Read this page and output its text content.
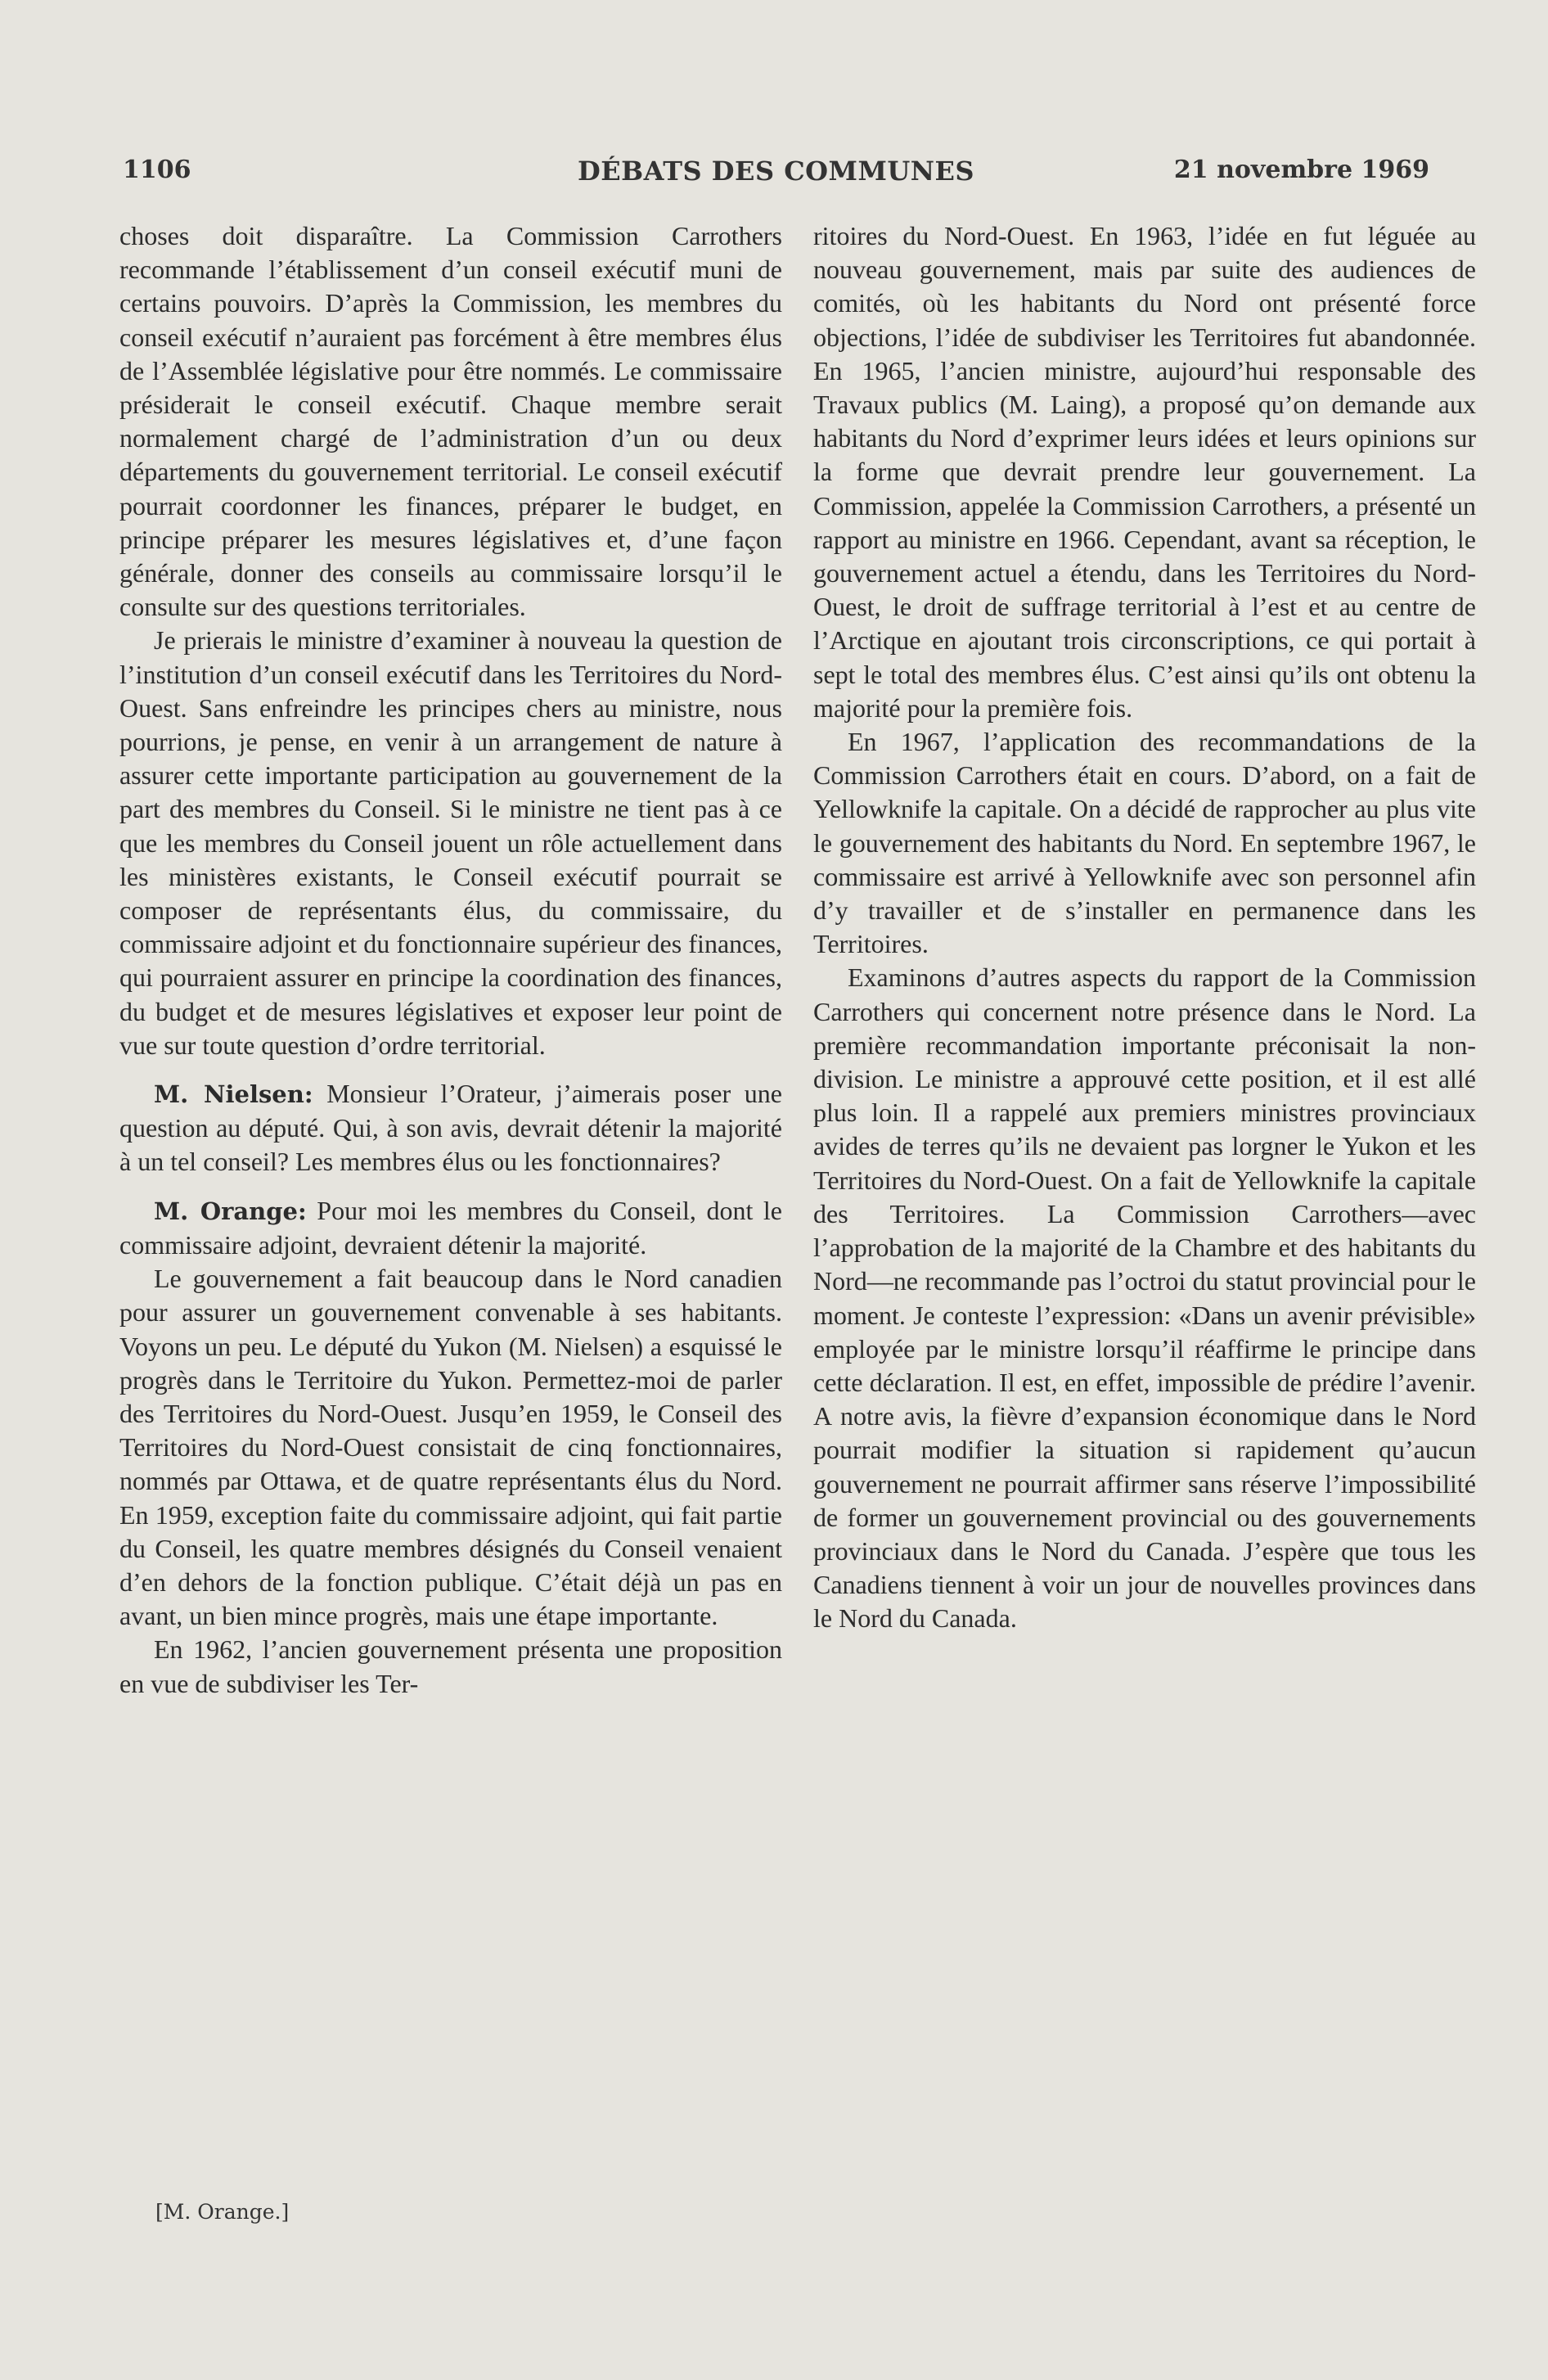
1106	DÉBATS DES COMMUNES	21 novembre 1969

choses doit disparaître. La Commission Carrothers recommande l’établissement d’un conseil exécutif muni de certains pouvoirs. D’après la Commission, les membres du conseil exécutif n’auraient pas forcément à être membres élus de l’Assemblée législative pour être nommés. Le commissaire présiderait le conseil exécutif. Chaque membre serait normalement chargé de l’administration d’un ou deux départements du gouvernement territorial. Le conseil exécutif pourrait coordonner les finances, préparer le budget, en principe préparer les mesures législatives et, d’une façon générale, donner des conseils au commissaire lorsqu’il le consulte sur des questions territoriales.

Je prierais le ministre d’examiner à nouveau la question de l’institution d’un conseil exécutif dans les Territoires du Nord-Ouest. Sans enfreindre les principes chers au ministre, nous pourrions, je pense, en venir à un arrangement de nature à assurer cette importante participation au gouvernement de la part des membres du Conseil. Si le ministre ne tient pas à ce que les membres du Conseil jouent un rôle actuellement dans les ministères existants, le Conseil exécutif pourrait se composer de représentants élus, du commissaire, du commissaire adjoint et du fonctionnaire supérieur des finances, qui pourraient assurer en principe la coordination des finances, du budget et de mesures législatives et exposer leur point de vue sur toute question d’ordre territorial.

M. Nielsen: Monsieur l’Orateur, j’aimerais poser une question au député. Qui, à son avis, devrait détenir la majorité à un tel conseil? Les membres élus ou les fonctionnaires?

M. Orange: Pour moi les membres du Conseil, dont le commissaire adjoint, devraient détenir la majorité.

Le gouvernement a fait beaucoup dans le Nord canadien pour assurer un gouvernement convenable à ses habitants. Voyons un peu. Le député du Yukon (M. Nielsen) a esquissé le progrès dans le Territoire du Yukon. Permettez-moi de parler des Territoires du Nord-Ouest. Jusqu’en 1959, le Conseil des Territoires du Nord-Ouest consistait de cinq fonctionnaires, nommés par Ottawa, et de quatre représentants élus du Nord. En 1959, exception faite du commissaire adjoint, qui fait partie du Conseil, les quatre membres désignés du Conseil venaient d’en dehors de la fonction publique. C’était déjà un pas en avant, un bien mince progrès, mais une étape importante.

En 1962, l’ancien gouvernement présenta une proposition en vue de subdiviser les Ter-

ritoires du Nord-Ouest. En 1963, l’idée en fut léguée au nouveau gouvernement, mais par suite des audiences de comités, où les habitants du Nord ont présenté force objections, l’idée de subdiviser les Territoires fut abandonnée. En 1965, l’ancien ministre, aujourd’hui responsable des Travaux publics (M. Laing), a proposé qu’on demande aux habitants du Nord d’exprimer leurs idées et leurs opinions sur la forme que devrait prendre leur gouvernement. La Commission, appelée la Commission Carrothers, a présenté un rapport au ministre en 1966. Cependant, avant sa réception, le gouvernement actuel a étendu, dans les Territoires du Nord-Ouest, le droit de suffrage territorial à l’est et au centre de l’Arctique en ajoutant trois circonscriptions, ce qui portait à sept le total des membres élus. C’est ainsi qu’ils ont obtenu la majorité pour la première fois.

En 1967, l’application des recommandations de la Commission Carrothers était en cours. D’abord, on a fait de Yellowknife la capitale. On a décidé de rapprocher au plus vite le gouvernement des habitants du Nord. En septembre 1967, le commissaire est arrivé à Yellowknife avec son personnel afin d’y travailler et de s’installer en permanence dans les Territoires.

Examinons d’autres aspects du rapport de la Commission Carrothers qui concernent notre présence dans le Nord. La première recommandation importante préconisait la non-division. Le ministre a approuvé cette position, et il est allé plus loin. Il a rappelé aux premiers ministres provinciaux avides de terres qu’ils ne devaient pas lorgner le Yukon et les Territoires du Nord-Ouest. On a fait de Yellowknife la capitale des Territoires. La Commission Carrothers—avec l’approbation de la majorité de la Chambre et des habitants du Nord—ne recommande pas l’octroi du statut provincial pour le moment. Je conteste l’expression: «Dans un avenir prévisible» employée par le ministre lorsqu’il réaffirme le principe dans cette déclaration. Il est, en effet, impossible de prédire l’avenir. A notre avis, la fièvre d’expansion économique dans le Nord pourrait modifier la situation si rapidement qu’aucun gouvernement ne pourrait affirmer sans réserve l’impossibilité de former un gouvernement provincial ou des gouvernements provinciaux dans le Nord du Canada. J’espère que tous les Canadiens tiennent à voir un jour de nouvelles provinces dans le Nord du Canada.

[M. Orange.]
